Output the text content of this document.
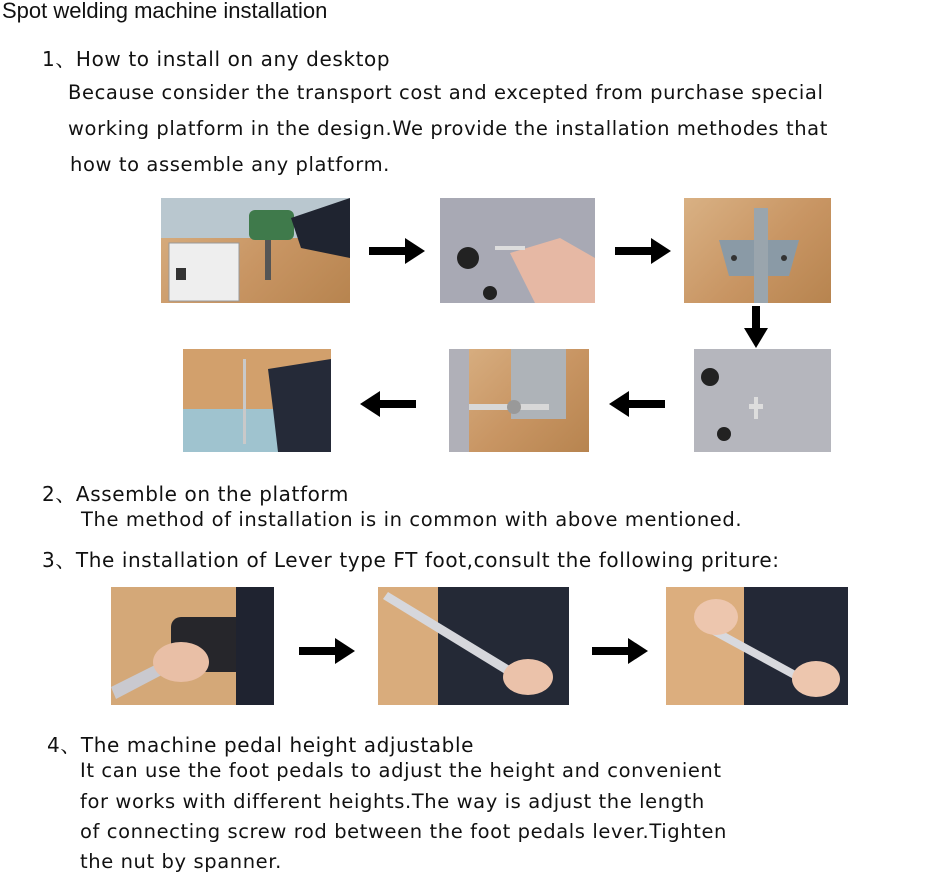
Spot welding machine installation
1、How to install on any desktop
Because consider the transport cost and excepted from purchase special
working platform in the design.We provide the installation methodes that
how to assemble any platform.
2、Assemble on the platform
The method of installation is in common with above mentioned.
3、The installation of Lever type FT foot,consult the following priture:
4、The machine pedal height adjustable
It can use the foot pedals to adjust the height and convenient
for works with different heights.The way is adjust the length
of connecting screw rod between the foot pedals lever.Tighten
the nut by spanner.
